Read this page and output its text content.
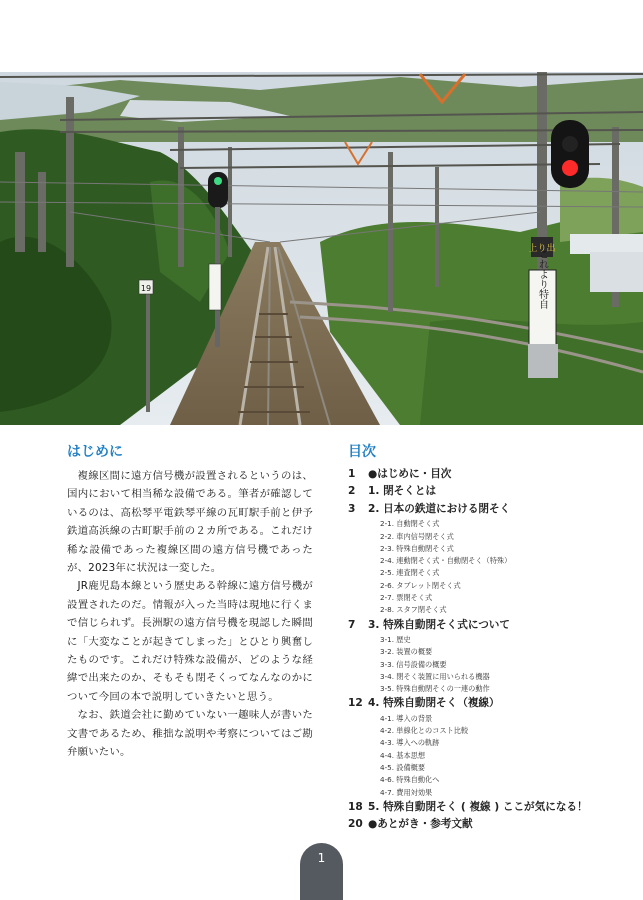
上り出
これより特自
19
はじめに

複線区間に遠方信号機が設置されるというのは、国内において相当稀な設備である。筆者が確認しているのは、高松琴平電鉄琴平線の瓦町駅手前と伊予鉄道高浜線の古町駅手前の２カ所である。これだけ稀な設備であった複線区間の遠方信号機であったが、2023年に状況は一変した。

JR鹿児島本線という歴史ある幹線に遠方信号機が設置されたのだ。情報が入った当時は現地に行くまで信じられず。長洲駅の遠方信号機を現認した瞬間に「大変なことが起きてしまった」とひとり興奮したものです。これだけ特殊な設備が、どのような経緯で出来たのか、そもそも閉そくってなんなのかについて今回の本で説明していきたいと思う。

なお、鉄道会社に勤めていない一趣味人が書いた文書であるため、稚拙な説明や考察についてはご勘弁願いたい。

目次
1	●はじめに・目次
2	1. 閉そくとは
3	2. 日本の鉄道における閉そく
2-1. 自動閉そく式
2-2. 車内信号閉そく式
2-3. 特殊自動閉そく式
2-4. 連動閉そく式・自動閉そく（特殊）
2-5. 連査閉そく式
2-6. タブレット閉そく式
2-7. 票閉そく式
2-8. スタフ閉そく式
7	3. 特殊自動閉そく式について
3-1. 歴史
3-2. 装置の概要
3-3. 信号設備の概要
3-4. 閉そく装置に用いられる機器
3-5. 特殊自動閉そくの一連の動作
12 4. 特殊自動閉そく（複線）
4-1. 導入の背景
4-2. 単線化とのコスト比較
4-3. 導入への軌跡
4-4. 基本思想
4-5. 設備概要
4-6. 特殊自動化へ
4-7. 費用対効果
18 5. 特殊自動閉そく ( 複線 ) ここが気になる！
20 ●あとがき・参考文献
1
